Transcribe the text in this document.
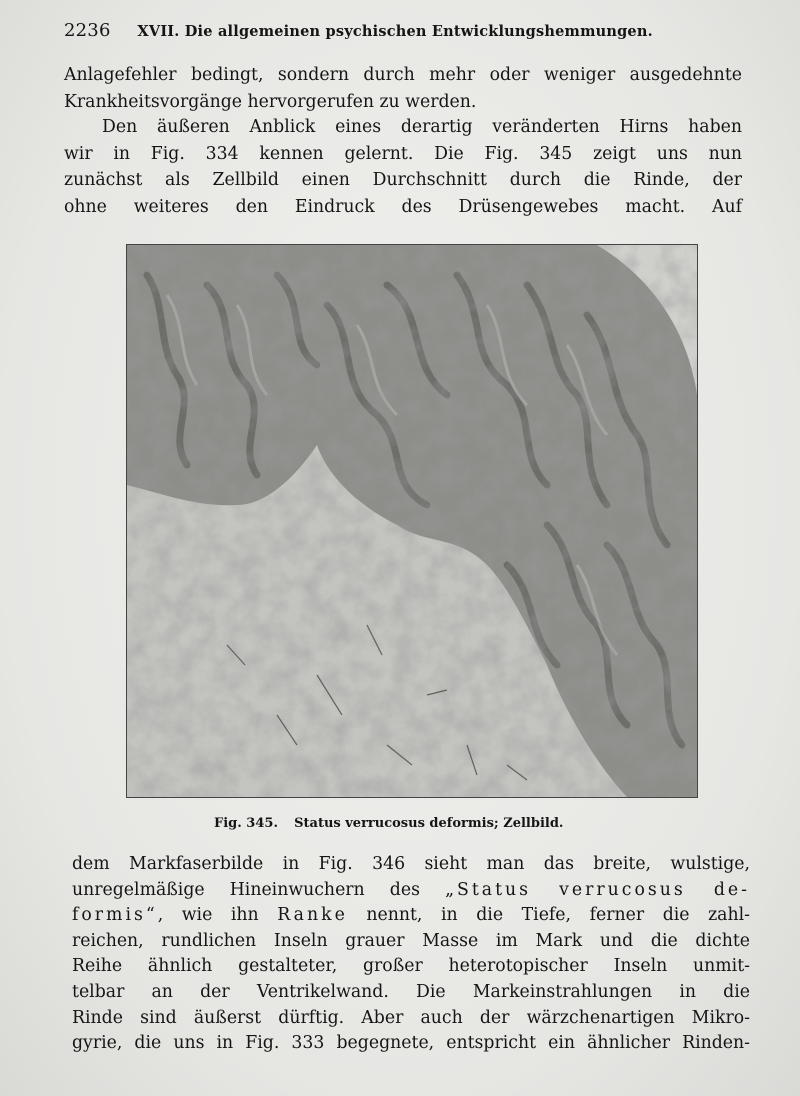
2236 XVII. Die allgemeinen psychischen Entwicklungshemmungen.
Anlagefehler bedingt, sondern durch mehr oder weniger ausgedehnte
Krankheitsvorgänge hervorgerufen zu werden.
Den äußeren Anblick eines derartig veränderten Hirns haben
wir in Fig. 334 kennen gelernt. Die Fig. 345 zeigt uns nun
zunächst als Zellbild einen Durchschnitt durch die Rinde, der
ohne weiteres den Eindruck des Drüsengewebes macht. Auf
Fig. 345. Status verrucosus deformis; Zellbild.
dem Markfaserbilde in Fig. 346 sieht man das breite, wulstige,
unregelmäßige Hineinwuchern des „Status verrucosus de-
formis“, wie ihn Ranke nennt, in die Tiefe, ferner die zahl-
reichen, rundlichen Inseln grauer Masse im Mark und die dichte
Reihe ähnlich gestalteter, großer heterotopischer Inseln unmit-
telbar an der Ventrikelwand. Die Markeinstrahlungen in die
Rinde sind äußerst dürftig. Aber auch der wärzchenartigen Mikro-
gyrie, die uns in Fig. 333 begegnete, entspricht ein ähnlicher Rinden-
